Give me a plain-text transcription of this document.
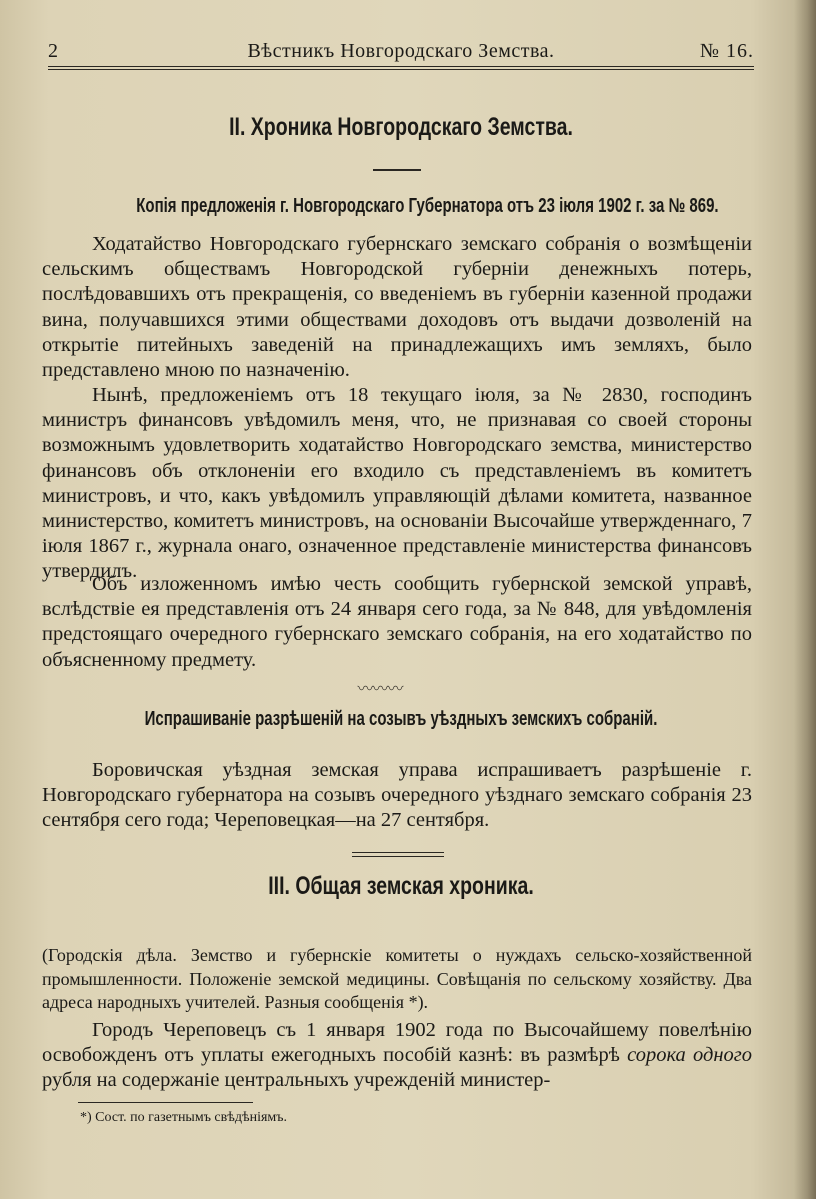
2	Вѣстникъ Новгородскаго Земства.	№ 16.
II. Хроника Новгородскаго Земства.
Копія предложенія г. Новгородскаго Губернатора отъ 23 іюля 1902 г. за № 869.
Ходатайство Новгородскаго губернскаго земскаго собранія о возмѣщеніи сельскимъ обществамъ Новгородской губерніи денежныхъ потерь, послѣдовавшихъ отъ прекращенія, со введеніемъ въ губерніи казенной продажи вина, получавшихся этими обществами доходовъ отъ выдачи дозволеній на открытіе питейныхъ заведеній на принадлежащихъ имъ земляхъ, было представлено мною по назначенію.
Нынѣ, предложеніемъ отъ 18 текущаго іюля, за № 2830, господинъ министръ финансовъ увѣдомилъ меня, что, не признавая со своей стороны возможнымъ удовлетворить ходатайство Новгородскаго земства, министерство финансовъ объ отклоненіи его входило съ представленіемъ въ комитетъ министровъ, и что, какъ увѣдомилъ управляющій дѣлами комитета, названное министерство, комитетъ министровъ, на основаніи Высочайше утвержденнаго, 7 іюля 1867 г., журнала онаго, означенное представленіе министерства финансовъ утвердилъ.
Объ изложенномъ имѣю честь сообщить губернской земской управѣ, вслѣдствіе ея представленія отъ 24 января сего года, за № 848, для увѣдомленія предстоящаго очередного губернскаго земскаго собранія, на его ходатайство по объясненному предмету.
〰〰〰
Испрашиваніе разрѣшеній на созывъ уѣздныхъ земскихъ собраній.
Боровичская уѣздная земская управа испрашиваетъ разрѣшеніе г. Новгородскаго губернатора на созывъ очередного уѣзднаго земскаго собранія 23 сентября сего года; Череповецкая—на 27 сентября.
III. Общая земская хроника.
(Городскія дѣла. Земство и губернскіе комитеты о нуждахъ сельско-хозяйственной промышленности. Положеніе земской медицины. Совѣщанія по сельскому хозяйству. Два адреса народныхъ учителей. Разныя сообщенія *).
Городъ Череповецъ съ 1 января 1902 года по Высочайшему повелѣнію освобожденъ отъ уплаты ежегодныхъ пособій казнѣ: въ размѣрѣ сорока одного рубля на содержаніе центральныхъ учрежденій министер-
*) Сост. по газетнымъ свѣдѣніямъ.
